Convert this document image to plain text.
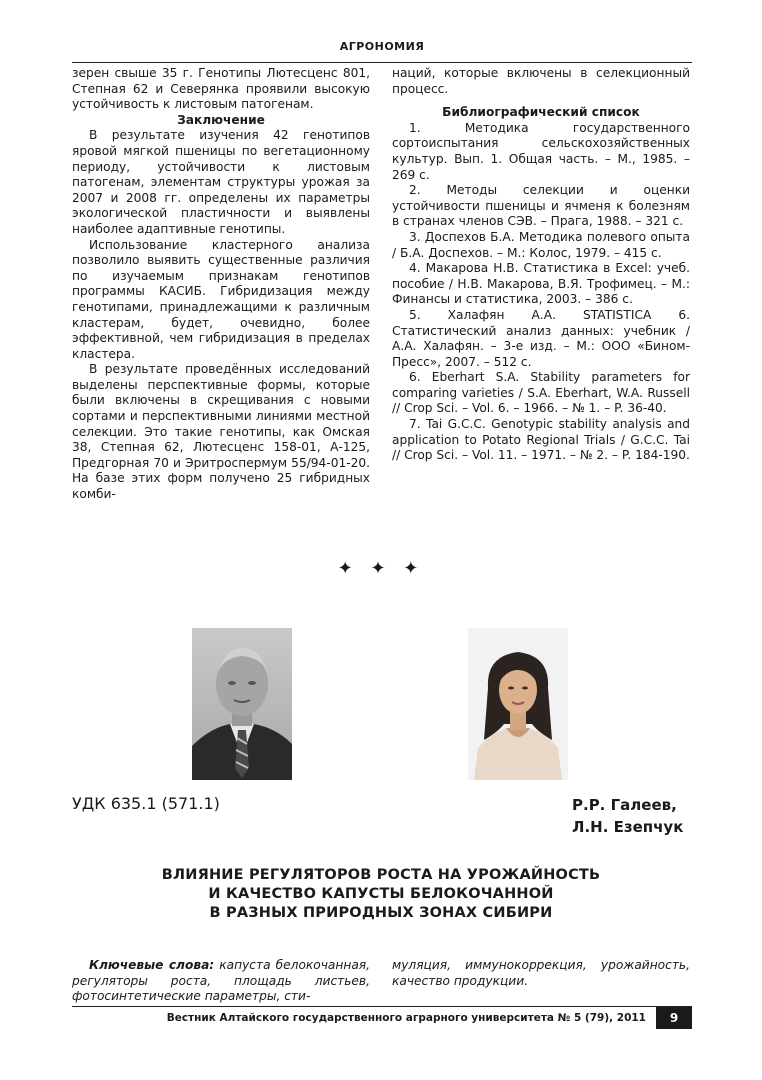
АГРОНОМИЯ

зерен свыше 35 г. Генотипы Лютесценс 801, Степная 62 и Северянка проявили высокую устойчивость к листовым патогенам.

Заключение

В результате изучения 42 генотипов яровой мягкой пшеницы по вегетационному периоду, устойчивости к листовым патогенам, элементам структуры урожая за 2007 и 2008 гг. определены их параметры экологической пластичности и выявлены наиболее адаптивные генотипы.

Использование кластерного анализа позволило выявить существенные различия по изучаемым признакам генотипов программы КАСИБ. Гибридизация между генотипами, принадлежащими к различным кластерам, будет, очевидно, более эффективной, чем гибридизация в пределах кластера.

В результате проведённых исследований выделены перспективные формы, которые были включены в скрещивания с новыми сортами и перспективными линиями местной селекции. Это такие генотипы, как Омская 38, Степная 62, Лютесценс 158-01, А-125, Предгорная 70 и Эритроспермум 55/94-01-20. На базе этих форм получено 25 гибридных комби-

наций, которые включены в селекционный процесс.

Библиографический список

1. Методика государственного сортоиспытания сельскохозяйственных культур. Вып. 1. Общая часть. – М., 1985. – 269 с.

2. Методы селекции и оценки устойчивости пшеницы и ячменя к болезням в странах членов СЭВ. – Прага, 1988. – 321 с.

3. Доспехов Б.А. Методика полевого опыта / Б.А. Доспехов. – М.: Колос, 1979. – 415 с.

4. Макарова Н.В. Статистика в Excel: учеб. пособие / Н.В. Макарова, В.Я. Трофимец. – М.: Финансы и статистика, 2003. – 386 с.

5. Халафян А.А. STATISTICA 6. Статистический анализ данных: учебник / А.А. Халафян. – 3-е изд. – М.: ООО «Бином-Пресс», 2007. – 512 с.

6. Eberhart S.A. Stability parameters for comparing varieties / S.A. Eberhart, W.A. Russell // Crop Sci. – Vol. 6. – 1966. – № 1. – P. 36-40.

7. Tai G.C.C. Genotypic stability analysis and application to Potato Regional Trials / G.C.C. Tai // Crop Sci. – Vol. 11. – 1971. – № 2. – P. 184-190.

✦ ✦ ✦
УДК 635.1 (571.1)	Р.Р. Галеев,
Л.Н. Езепчук
ВЛИЯНИЕ РЕГУЛЯТОРОВ РОСТА НА УРОЖАЙНОСТЬ
И КАЧЕСТВО КАПУСТЫ БЕЛОКОЧАННОЙ
В РАЗНЫХ ПРИРОДНЫХ ЗОНАХ СИБИРИ
Ключевые слова: капуста белокочанная, регуляторы роста, площадь листьев, фотосинтетические параметры, сти-
муляция, иммунокоррекция, урожайность, качество продукции.
Вестник Алтайского государственного аграрного университета № 5 (79), 2011	9
